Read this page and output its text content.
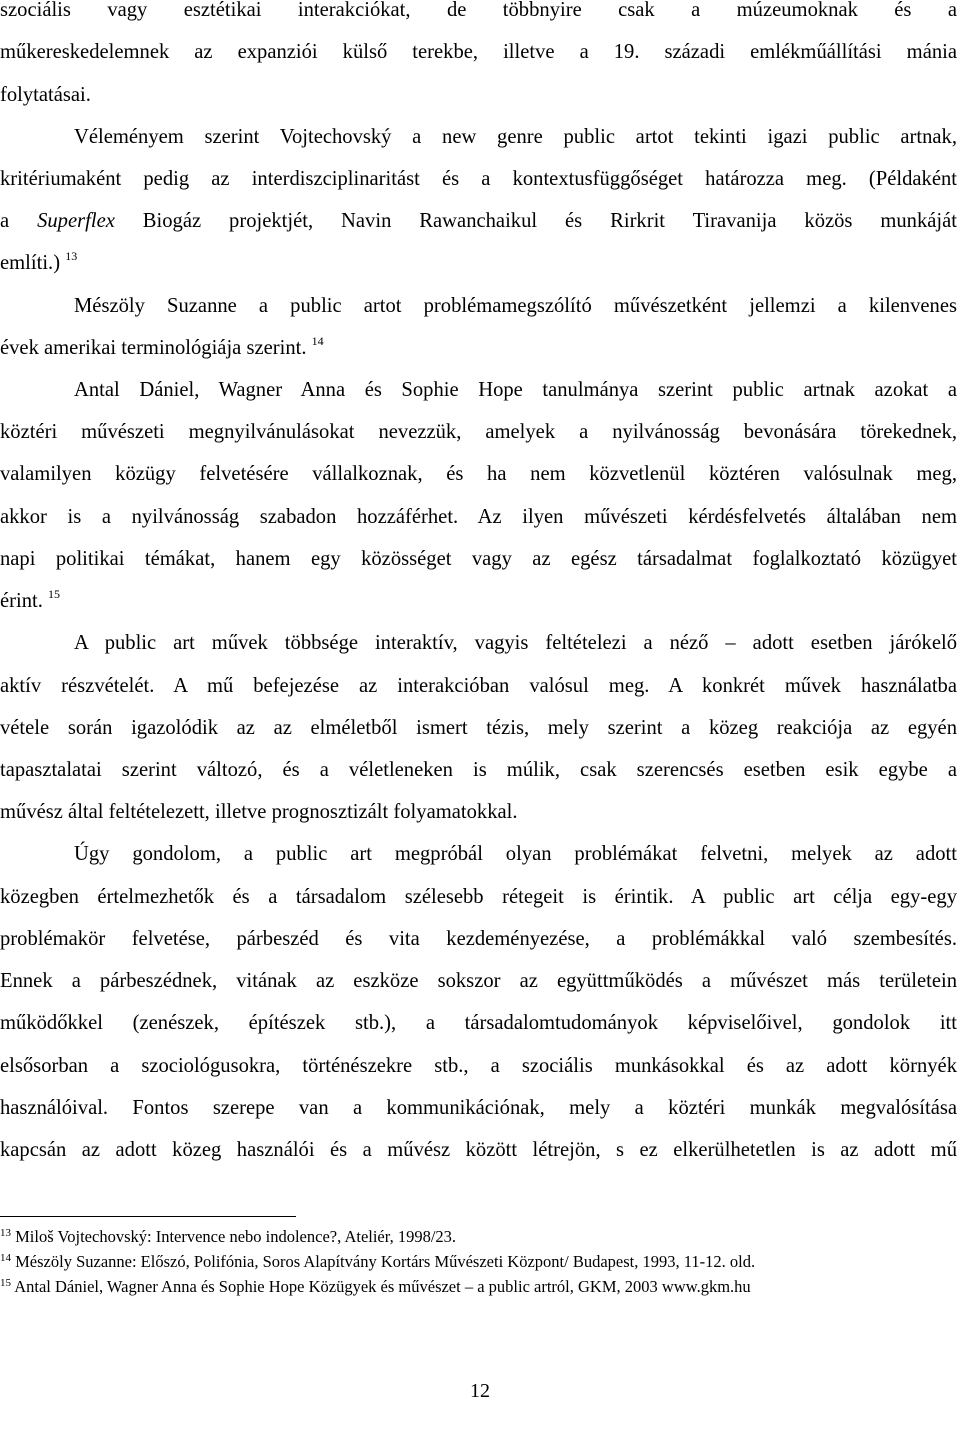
szociális vagy esztétikai interakciókat, de többnyire csak a múzeumoknak és a

műkereskedelemnek az expanziói külső terekbe, illetve a 19. századi emlékműállítási mánia

folytatásai.

Véleményem szerint Vojtechovský a new genre public artot tekinti igazi public artnak,

kritériumaként pedig az interdiszciplinaritást és a kontextusfüggőséget határozza meg. (Példaként

a Superflex Biogáz projektjét, Navin Rawanchaikul és Rirkrit Tiravanija közös munkáját

említi.) $^{13}$

Mészöly Suzanne a public artot problémamegszólító művészetként jellemzi a kilenvenes

évek amerikai terminológiája szerint. $^{14}$

Antal Dániel, Wagner Anna és Sophie Hope tanulmánya szerint public artnak azokat a

köztéri művészeti megnyilvánulásokat nevezzük, amelyek a nyilvánosság bevonására törekednek,

valamilyen közügy felvetésére vállalkoznak, és ha nem közvetlenül köztéren valósulnak meg,

akkor is a nyilvánosság szabadon hozzáférhet. Az ilyen művészeti kérdésfelvetés általában nem

napi politikai témákat, hanem egy közösséget vagy az egész társadalmat foglalkoztató közügyet

érint. $^{15}$

A public art művek többsége interaktív, vagyis feltételezi a néző – adott esetben járókelő

aktív részvételét. A mű befejezése az interakcióban valósul meg. A konkrét művek használatba

vétele során igazolódik az az elméletből ismert tézis, mely szerint a közeg reakciója az egyén

tapasztalatai szerint változó, és a véletleneken is múlik, csak szerencsés esetben esik egybe a

művész által feltételezett, illetve prognosztizált folyamatokkal.

Úgy gondolom, a public art megpróbál olyan problémákat felvetni, melyek az adott

közegben értelmezhetők és a társadalom szélesebb rétegeit is érintik. A public art célja egy-egy

problémakör felvetése, párbeszéd és vita kezdeményezése, a problémákkal való szembesítés.

Ennek a párbeszédnek, vitának az eszköze sokszor az együttműködés a művészet más területein

működőkkel (zenészek, építészek stb.), a társadalomtudományok képviselőivel, gondolok itt

elsősorban a szociológusokra, történészekre stb., a szociális munkásokkal és az adott környék

használóival. Fontos szerepe van a kommunikációnak, mely a köztéri munkák megvalósítása

kapcsán az adott közeg használói és a művész között létrejön, s ez elkerülhetetlen is az adott mű

$^{13}$ Miloš Vojtechovský: Intervence nebo indolence?, Ateliér, 1998/23.

$^{14}$ Mészöly Suzanne: Előszó, Polifónia, Soros Alapítvány Kortárs Művészeti Központ/ Budapest, 1993, 11-12. old.

$^{15}$ Antal Dániel, Wagner Anna és Sophie Hope Közügyek és művészet – a public artról, GKM, 2003 www.gkm.hu

12
